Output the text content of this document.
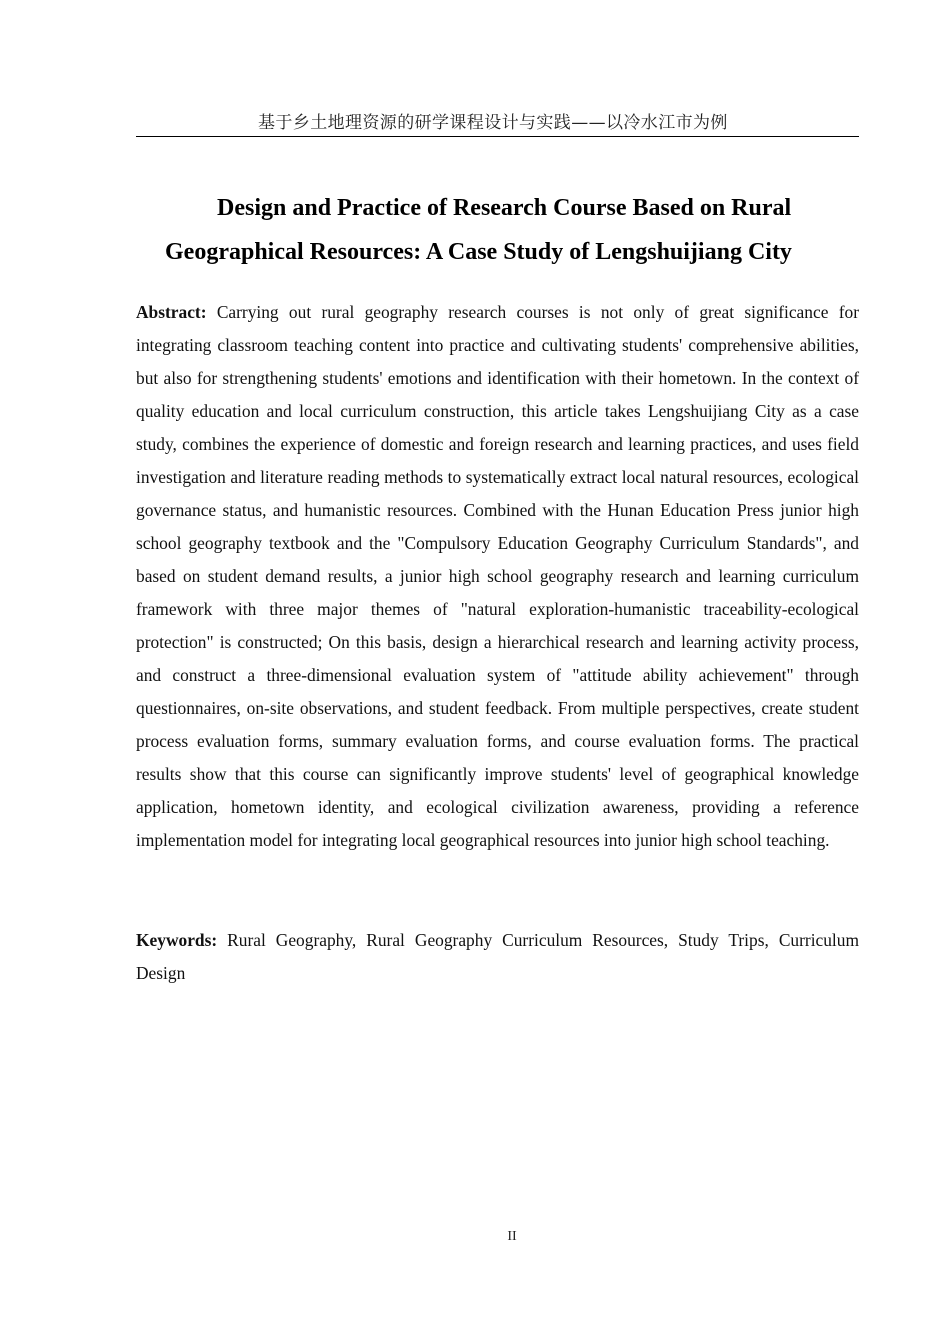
基于乡土地理资源的研学课程设计与实践——以冷水江市为例
Design and Practice of Research Course Based on Rural
Geographical Resources: A Case Study of Lengshuijiang City

Abstract: Carrying out rural geography research courses is not only of great significance for integrating classroom teaching content into practice and cultivating students' comprehensive abilities, but also for strengthening students' emotions and identification with their hometown. In the context of quality education and local curriculum construction, this article takes Lengshuijiang City as a case study, combines the experience of domestic and foreign research and learning practices, and uses field investigation and literature reading methods to systematically extract local natural resources, ecological governance status, and humanistic resources. Combined with the Hunan Education Press junior high school geography textbook and the "Compulsory Education Geography Curriculum Standards", and based on student demand results, a junior high school geography research and learning curriculum framework with three major themes of "natural exploration-humanistic traceability-ecological protection" is constructed; On this basis, design a hierarchical research and learning activity process, and construct a three-dimensional evaluation system of "attitude ability achievement" through questionnaires, on-site observations, and student feedback. From multiple perspectives, create student process evaluation forms, summary evaluation forms, and course evaluation forms. The practical results show that this course can significantly improve students' level of geographical knowledge application, hometown identity, and ecological civilization awareness, providing a reference implementation model for integrating local geographical resources into junior high school teaching.

Keywords: Rural Geography, Rural Geography Curriculum Resources, Study Trips, Curriculum Design

II
